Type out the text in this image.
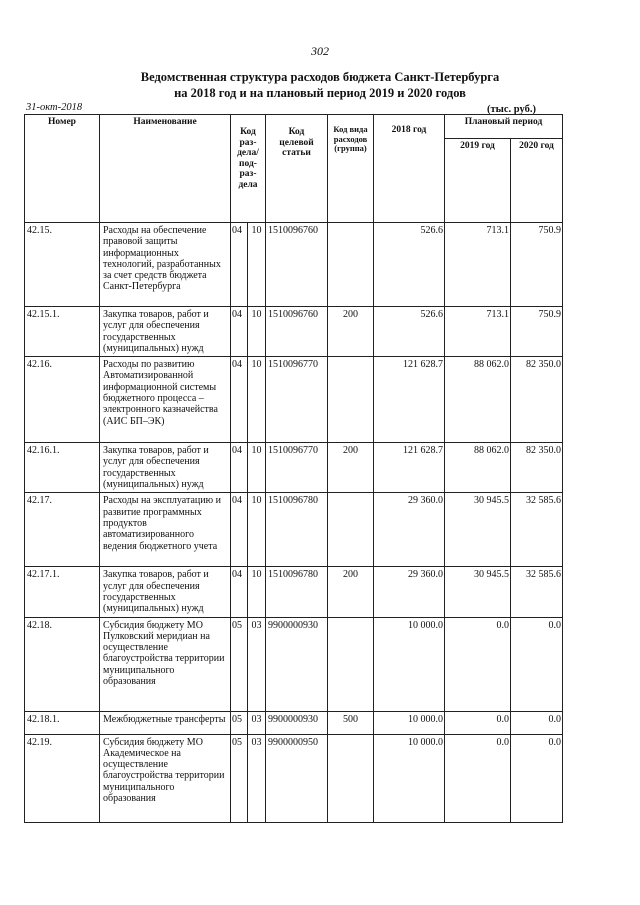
302
Ведомственная структура расходов бюджета Санкт-Петербурга
на 2018 год и на плановый период 2019 и 2020 годов
31-окт-2018	(тыс. руб.)
Номер	Наименование	Код раз-дела/ под-раз-дела		Код целевой статьи	Код вида расходов (группа)	2018 год	Плановый период	
							2019 год	2020 год
42.15.	Расходы на обеспечение правовой защиты информационных технологий, разработанных за счет средств бюджета Санкт-Петербурга	04	10	1510096760		526.6	713.1	750.9
42.15.1.	Закупка товаров, работ и услуг для обеспечения государственных (муниципальных) нужд	04	10	1510096760	200	526.6	713.1	750.9
42.16.	Расходы по развитию Автоматизированной информационной системы бюджетного процесса – электронного казначейства (АИС БП–ЭК)	04	10	1510096770		121 628.7	88 062.0	82 350.0
42.16.1.	Закупка товаров, работ и услуг для обеспечения государственных (муниципальных) нужд	04	10	1510096770	200	121 628.7	88 062.0	82 350.0
42.17.	Расходы на эксплуатацию и развитие программных продуктов автоматизированного ведения бюджетного учета	04	10	1510096780		29 360.0	30 945.5	32 585.6
42.17.1.	Закупка товаров, работ и услуг для обеспечения государственных (муниципальных) нужд	04	10	1510096780	200	29 360.0	30 945.5	32 585.6
42.18.	Субсидия бюджету МО Пулковский меридиан на осуществление благоустройства территории муниципального образования	05	03	9900000930		10 000.0	0.0	0.0
42.18.1.	Межбюджетные трансферты	05	03	9900000930	500	10 000.0	0.0	0.0
42.19.	Субсидия бюджету МО Академическое на осуществление благоустройства территории муниципального образования	05	03	9900000950		10 000.0	0.0	0.0
